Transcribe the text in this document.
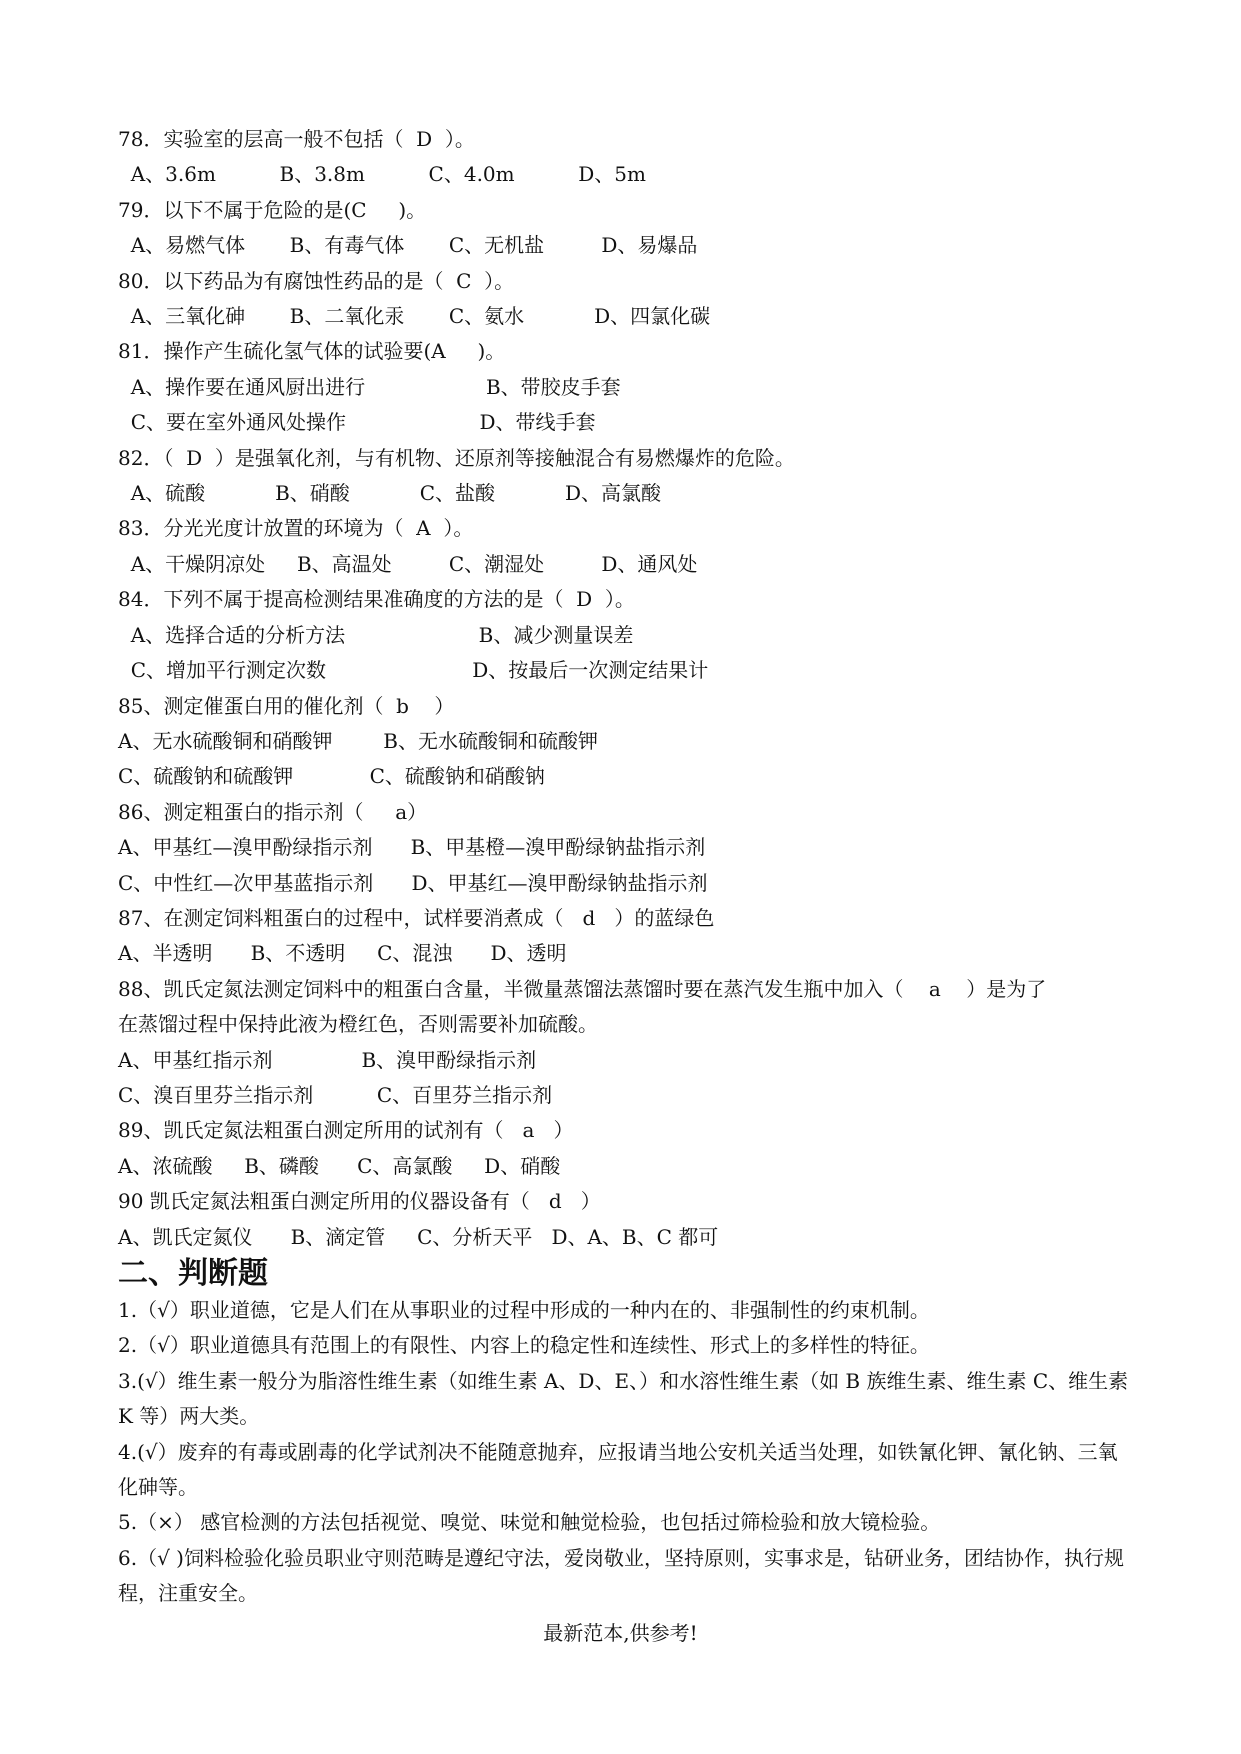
78．实验室的层高一般不包括（  D  ）。
A、3.6m          B、3.8m          C、4.0m          D、5m
79．以下不属于危险的是(C     )。
A、易燃气体       B、有毒气体       C、无机盐         D、易爆品
80．以下药品为有腐蚀性药品的是（  C  ）。
A、三氧化砷       B、二氧化汞       C、氨水           D、四氯化碳
81．操作产生硫化氢气体的试验要(A     )。
A、操作要在通风厨出进行                   B、带胶皮手套
C、要在室外通风处操作                     D、带线手套
82．（  D  ）是强氧化剂，与有机物、还原剂等接触混合有易燃爆炸的危险。
A、硫酸           B、硝酸           C、盐酸           D、高氯酸
83．分光光度计放置的环境为（  A  ）。
A、干燥阴凉处     B、高温处         C、潮湿处         D、通风处
84．下列不属于提高检测结果准确度的方法的是（  D  ）。
A、选择合适的分析方法                     B、减少测量误差
C、增加平行测定次数                       D、按最后一次测定结果计
85、测定催蛋白用的催化剂（  b    ）
A、无水硫酸铜和硝酸钾        B、无水硫酸铜和硫酸钾
C、硫酸钠和硫酸钾            C、硫酸钠和硝酸钠
86、测定粗蛋白的指示剂（     a）
A、甲基红—溴甲酚绿指示剂      B、甲基橙—溴甲酚绿钠盐指示剂
C、中性红—次甲基蓝指示剂      D、甲基红—溴甲酚绿钠盐指示剂
87、在测定饲料粗蛋白的过程中，试样要消煮成（   d   ）的蓝绿色
A、半透明      B、不透明     C、混浊      D、透明
88、凯氏定氮法测定饲料中的粗蛋白含量，半微量蒸馏法蒸馏时要在蒸汽发生瓶中加入（    a    ）是为了
在蒸馏过程中保持此液为橙红色，否则需要补加硫酸。
A、甲基红指示剂              B、溴甲酚绿指示剂
C、溴百里芬兰指示剂          C、百里芬兰指示剂
89、凯氏定氮法粗蛋白测定所用的试剂有（   a   ）
A、浓硫酸     B、磷酸      C、高氯酸     D、硝酸
90 凯氏定氮法粗蛋白测定所用的仪器设备有（   d   ）
A、凯氏定氮仪      B、滴定管     C、分析天平   D、A、B、C 都可
二、判断题
1.（√）职业道德，它是人们在从事职业的过程中形成的一种内在的、非强制性的约束机制。
2.（√）职业道德具有范围上的有限性、内容上的稳定性和连续性、形式上的多样性的特征。
3.(√）维生素一般分为脂溶性维生素（如维生素 A、D、E、）和水溶性维生素（如 B 族维生素、维生素 C、维生素 K 等）两大类。
4.(√）废弃的有毒或剧毒的化学试剂决不能随意抛弃，应报请当地公安机关适当处理，如铁氰化钾、氰化钠、三氧化砷等。
5.（×） 感官检测的方法包括视觉、嗅觉、味觉和触觉检验，也包括过筛检验和放大镜检验。
6.（√ )饲料检验化验员职业守则范畴是遵纪守法，爱岗敬业，坚持原则，实事求是，钻研业务，团结协作，执行规程，注重安全。
最新范本,供参考!
